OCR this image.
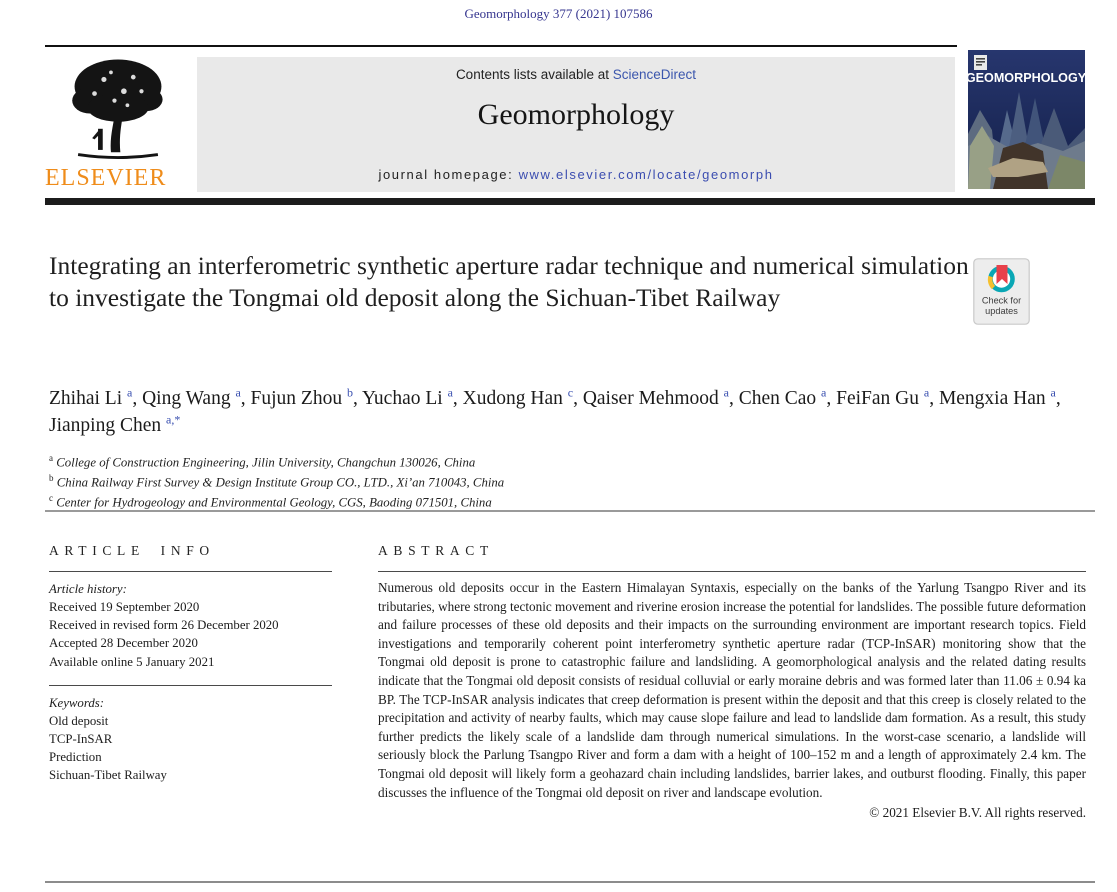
Geomorphology 377 (2021) 107586
ELSEVIER
Contents lists available at ScienceDirect
Geomorphology
journal homepage: www.elsevier.com/locate/geomorph
GEOMORPHOLOGY
Integrating an interferometric synthetic aperture radar technique and numerical simulation to investigate the Tongmai old deposit along the Sichuan-Tibet Railway	Check for
updates
Zhihai Li $^a$, Qing Wang $^a$, Fujun Zhou $^b$, Yuchao Li $^a$, Xudong Han $^c$, Qaiser Mehmood $^a$, Chen Cao $^a$, FeiFan Gu $^a$, Mengxia Han $^a$, Jianping Chen $^{a,*}$
$^a$ College of Construction Engineering, Jilin University, Changchun 130026, China
$^b$ China Railway First Survey & Design Institute Group CO., LTD., Xi’an 710043, China
$^c$ Center for Hydrogeology and Environmental Geology, CGS, Baoding 071501, China
ARTICLE INFO
Article history:
Received 19 September 2020
Received in revised form 26 December 2020
Accepted 28 December 2020
Available online 5 January 2021
Keywords:
Old deposit
TCP-InSAR
Prediction
Sichuan-Tibet Railway
ABSTRACT
Numerous old deposits occur in the Eastern Himalayan Syntaxis, especially on the banks of the Yarlung Tsangpo River and its tributaries, where strong tectonic movement and riverine erosion increase the potential for landslides. The possible future deformation and failure processes of these old deposits and their impacts on the surrounding environment are important research topics. Field investigations and temporarily coherent point interferometry synthetic aperture radar (TCP-InSAR) monitoring show that the Tongmai old deposit is prone to catastrophic failure and landsliding. A geomorphological analysis and the related dating results indicate that the Tongmai old deposit consists of residual colluvial or early moraine debris and was formed later than 11.06 ± 0.94 ka BP. The TCP-InSAR analysis indicates that creep deformation is present within the deposit and that this creep is closely related to the precipitation and activity of nearby faults, which may cause slope failure and lead to landslide dam formation. As a result, this study further predicts the likely scale of a landslide dam through numerical simulations. In the worst-case scenario, a landslide will seriously block the Parlung Tsangpo River and form a dam with a height of 100–152 m and a length of approximately 2.4 km. The Tongmai old deposit will likely form a geohazard chain including landslides, barrier lakes, and outburst flooding. Finally, this paper discusses the influence of the Tongmai old deposit on river and landscape evolution.
© 2021 Elsevier B.V. All rights reserved.
